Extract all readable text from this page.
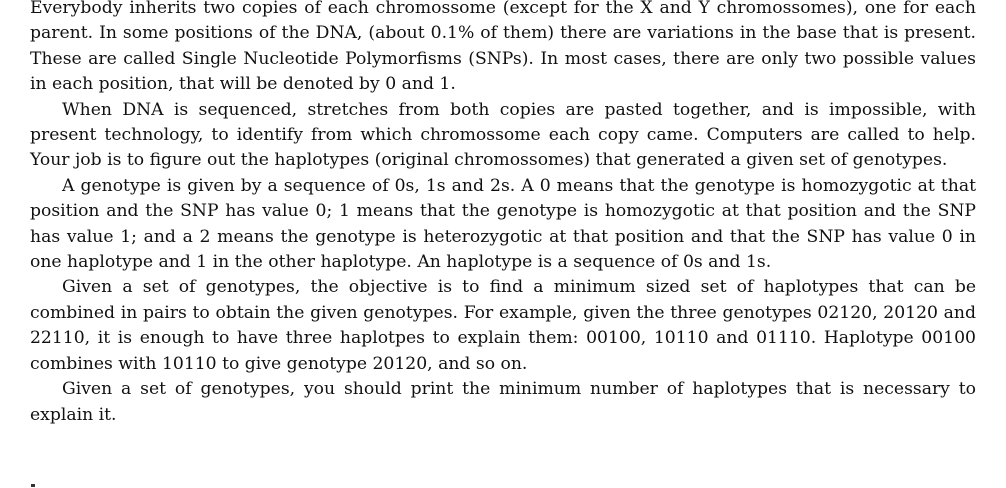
Everybody inherits two copies of each chromossome (except for the X and Y chromossomes), one for each parent. In some positions of the DNA, (about 0.1% of them) there are variations in the base that is present. These are called Single Nucleotide Polymorfisms (SNPs). In most cases, there are only two possible values in each position, that will be denoted by 0 and 1.

When DNA is sequenced, stretches from both copies are pasted together, and is impossible, with present technology, to identify from which chromossome each copy came. Computers are called to help. Your job is to figure out the haplotypes (original chromossomes) that generated a given set of genotypes.

A genotype is given by a sequence of 0s, 1s and 2s. A 0 means that the genotype is homozygotic at that position and the SNP has value 0; 1 means that the genotype is homozygotic at that position and the SNP has value 1; and a 2 means the genotype is heterozygotic at that position and that the SNP has value 0 in one haplotype and 1 in the other haplotype. An haplotype is a sequence of 0s and 1s.

Given a set of genotypes, the objective is to find a minimum sized set of haplotypes that can be combined in pairs to obtain the given genotypes. For example, given the three genotypes 02120, 20120 and 22110, it is enough to have three haplotpes to explain them: 00100, 10110 and 01110. Haplotype 00100 combines with 10110 to give genotype 20120, and so on.

Given a set of genotypes, you should print the minimum number of haplotypes that is necessary to explain it.
